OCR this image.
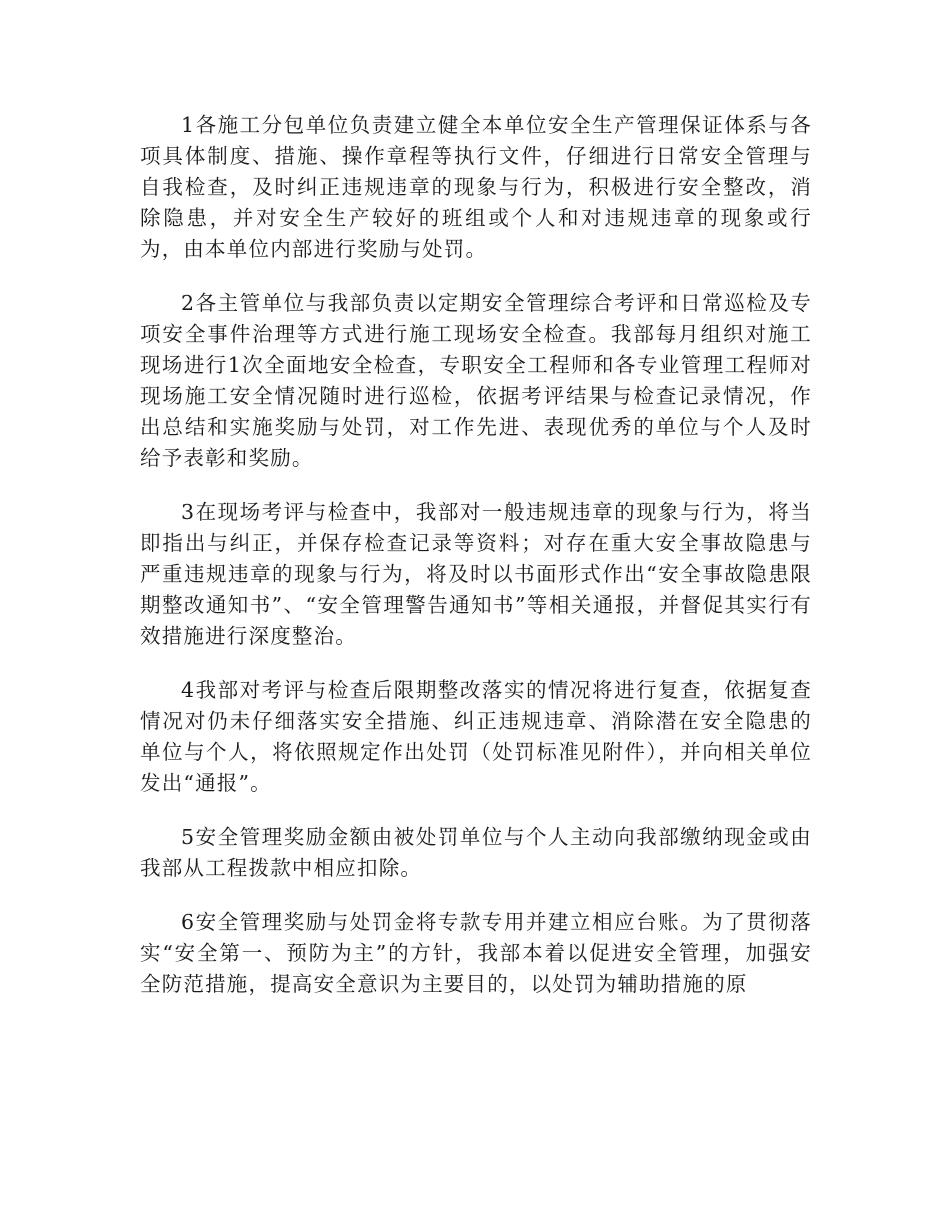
1各施工分包单位负责建立健全本单位安全生产管理保证体系与各项具体制度、措施、操作章程等执行文件，仔细进行日常安全管理与自我检查，及时纠正违规违章的现象与行为，积极进行安全整改，消除隐患，并对安全生产较好的班组或个人和对违规违章的现象或行为，由本单位内部进行奖励与处罚。

2各主管单位与我部负责以定期安全管理综合考评和日常巡检及专项安全事件治理等方式进行施工现场安全检查。我部每月组织对施工现场进行1次全面地安全检查，专职安全工程师和各专业管理工程师对现场施工安全情况随时进行巡检，依据考评结果与检查记录情况，作出总结和实施奖励与处罚，对工作先进、表现优秀的单位与个人及时给予表彰和奖励。

3在现场考评与检查中，我部对一般违规违章的现象与行为，将当即指出与纠正，并保存检查记录等资料；对存在重大安全事故隐患与严重违规违章的现象与行为，将及时以书面形式作出“安全事故隐患限期整改通知书”、“安全管理警告通知书”等相关通报，并督促其实行有效措施进行深度整治。

4我部对考评与检查后限期整改落实的情况将进行复查，依据复查情况对仍未仔细落实安全措施、纠正违规违章、消除潜在安全隐患的单位与个人，将依照规定作出处罚（处罚标准见附件），并向相关单位发出“通报”。

5安全管理奖励金额由被处罚单位与个人主动向我部缴纳现金或由我部从工程拨款中相应扣除。

6安全管理奖励与处罚金将专款专用并建立相应台账。为了贯彻落实“安全第一、预防为主”的方针，我部本着以促进安全管理，加强安全防范措施，提高安全意识为主要目的，以处罚为辅助措施的原
